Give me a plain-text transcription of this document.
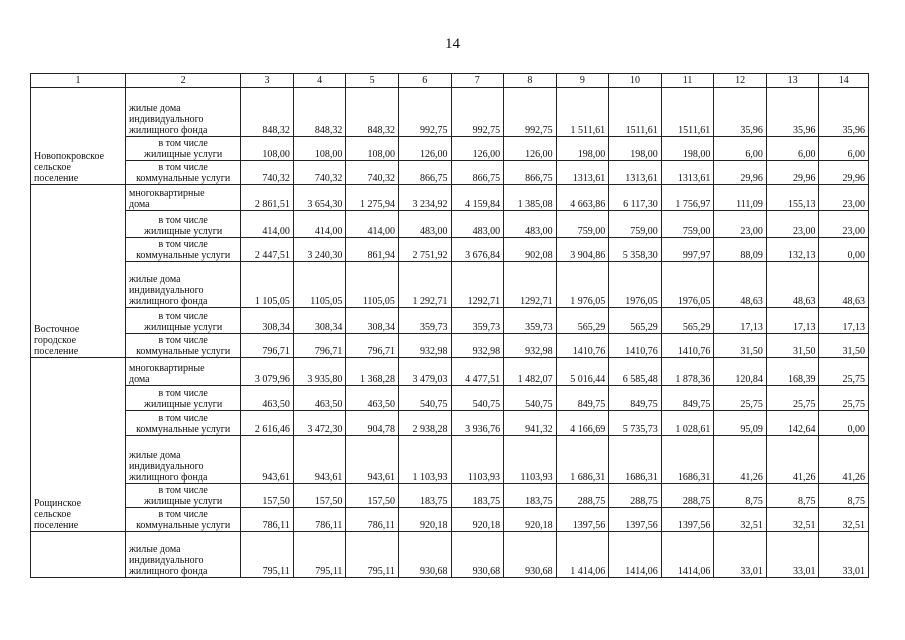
14
1	2	3	4	5	6	7	8	9	10	11	12	13	14
Новопокровское
сельское
поселение	жилые дома
индивидуального
жилищного фонда	848,32	848,32	848,32	992,75	992,75	992,75	1 511,61	1511,61	1511,61	35,96	35,96	35,96
	в том числе
жилищные услуги	108,00	108,00	108,00	126,00	126,00	126,00	198,00	198,00	198,00	6,00	6,00	6,00
	в том числе
коммунальные услуги	740,32	740,32	740,32	866,75	866,75	866,75	1313,61	1313,61	1313,61	29,96	29,96	29,96
Восточное
городское
поселение	многоквартирные
дома	2 861,51	3 654,30	1 275,94	3 234,92	4 159,84	1 385,08	4 663,86	6 117,30	1 756,97	111,09	155,13	23,00
	в том числе
жилищные услуги	414,00	414,00	414,00	483,00	483,00	483,00	759,00	759,00	759,00	23,00	23,00	23,00
	в том числе
коммунальные услуги	2 447,51	3 240,30	861,94	2 751,92	3 676,84	902,08	3 904,86	5 358,30	997,97	88,09	132,13	0,00
	жилые дома
индивидуального
жилищного фонда	1 105,05	1105,05	1105,05	1 292,71	1292,71	1292,71	1 976,05	1976,05	1976,05	48,63	48,63	48,63
	в том числе
жилищные услуги	308,34	308,34	308,34	359,73	359,73	359,73	565,29	565,29	565,29	17,13	17,13	17,13
	в том числе
коммунальные услуги	796,71	796,71	796,71	932,98	932,98	932,98	1410,76	1410,76	1410,76	31,50	31,50	31,50
Рощинское
сельское
поселение	многоквартирные
дома	3 079,96	3 935,80	1 368,28	3 479,03	4 477,51	1 482,07	5 016,44	6 585,48	1 878,36	120,84	168,39	25,75
	в том числе
жилищные услуги	463,50	463,50	463,50	540,75	540,75	540,75	849,75	849,75	849,75	25,75	25,75	25,75
	в том числе
коммунальные услуги	2 616,46	3 472,30	904,78	2 938,28	3 936,76	941,32	4 166,69	5 735,73	1 028,61	95,09	142,64	0,00
	жилые дома
индивидуального
жилищного фонда	943,61	943,61	943,61	1 103,93	1103,93	1103,93	1 686,31	1686,31	1686,31	41,26	41,26	41,26
	в том числе
жилищные услуги	157,50	157,50	157,50	183,75	183,75	183,75	288,75	288,75	288,75	8,75	8,75	8,75
	в том числе
коммунальные услуги	786,11	786,11	786,11	920,18	920,18	920,18	1397,56	1397,56	1397,56	32,51	32,51	32,51
	жилые дома
индивидуального
жилищного фонда	795,11	795,11	795,11	930,68	930,68	930,68	1 414,06	1414,06	1414,06	33,01	33,01	33,01
